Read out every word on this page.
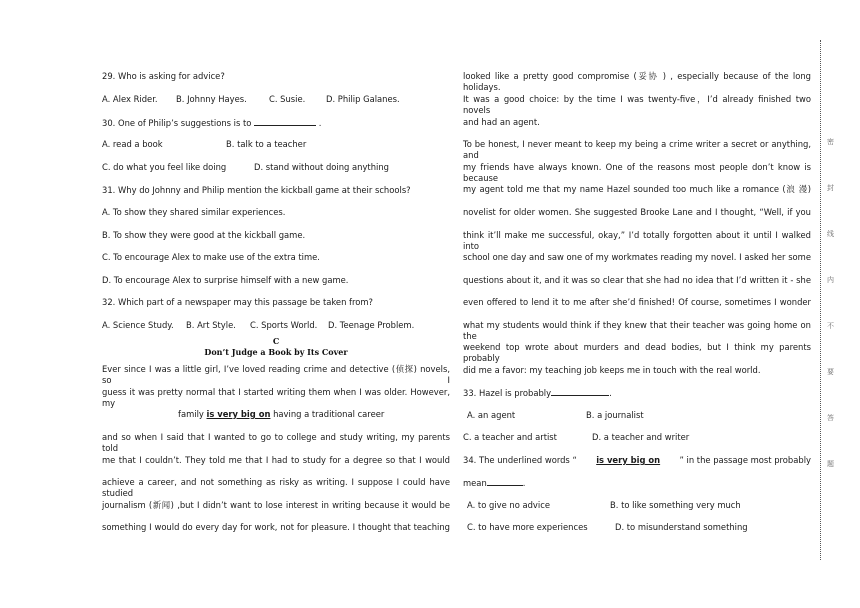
29. Who is asking for advice?
A. Alex Rider. B. Johnny Hayes.	C. Susie. D. Philip Galanes.
30. One of Philip’s suggestions is to	.
A. read a book	B. talk to a teacher
C. do what you feel like doing	D. stand without doing anything
31. Why do Johnny and Philip mention the kickball game at their schools?
A. To show they shared similar experiences.
B. To show they were good at the kickball game.
C. To encourage Alex to make use of the extra time.
D. To encourage Alex to surprise himself with a new game.
32. Which part of a newspaper may this passage be taken from?
A. Science Study. B. Art Style. C. Sports World. D. Teenage Problem.
C
Don’t Judge a Book by Its Cover
Ever since I was a little girl, I’ve loved reading crime and detective (侦探) novels, so I
guess it was pretty normal that I started writing them when I was older. However, my
family is very big on having a traditional career
and so when I said that I wanted to go to college and study writing, my parents told
me that I couldn’t. They told me that I had to study for a degree so that I would
achieve a career, and not something as risky as writing. I suppose I could have studied
journalism (新闻) ,but I didn’t want to lose interest in writing because it would be
something I would do every day for work, not for pleasure. I thought that teaching
looked like a pretty good compromise (妥协 ) , especially because of the long holidays.
It was a good choice: by the time I was twenty-five，I’d already finished two novels
and had an agent.
To be honest, I never meant to keep my being a crime writer a secret or anything, and
my friends have always known. One of the reasons most people don’t know is because
my agent told me that my name Hazel sounded too much like a romance (浪 漫)
novelist for older women. She suggested Brooke Lane and I thought, “Well, if you
think it’ll make me successful, okay,” I’d totally forgotten about it until I walked into
school one day and saw one of my workmates reading my novel. I asked her some
questions about it, and it was so clear that she had no idea that I’d written it - she
even offered to lend it to me after she’d finished! Of course, sometimes I wonder
what my students would think if they knew that their teacher was going home on the
weekend top wrote about murders and dead bodies, but I think my parents probably
did me a favor: my teaching job keeps me in touch with the real world.
33. Hazel is probably	.
A. an agent	B. a journalist
C. a teacher and artist	D. a teacher and writer
34. The underlined words “ is very big on ” in the passage most probably
mean	.
A. to give no advice	B. to like something very much
C. to have more experiences	D. to misunderstand something
密
封
线
内
不
要
答
题
